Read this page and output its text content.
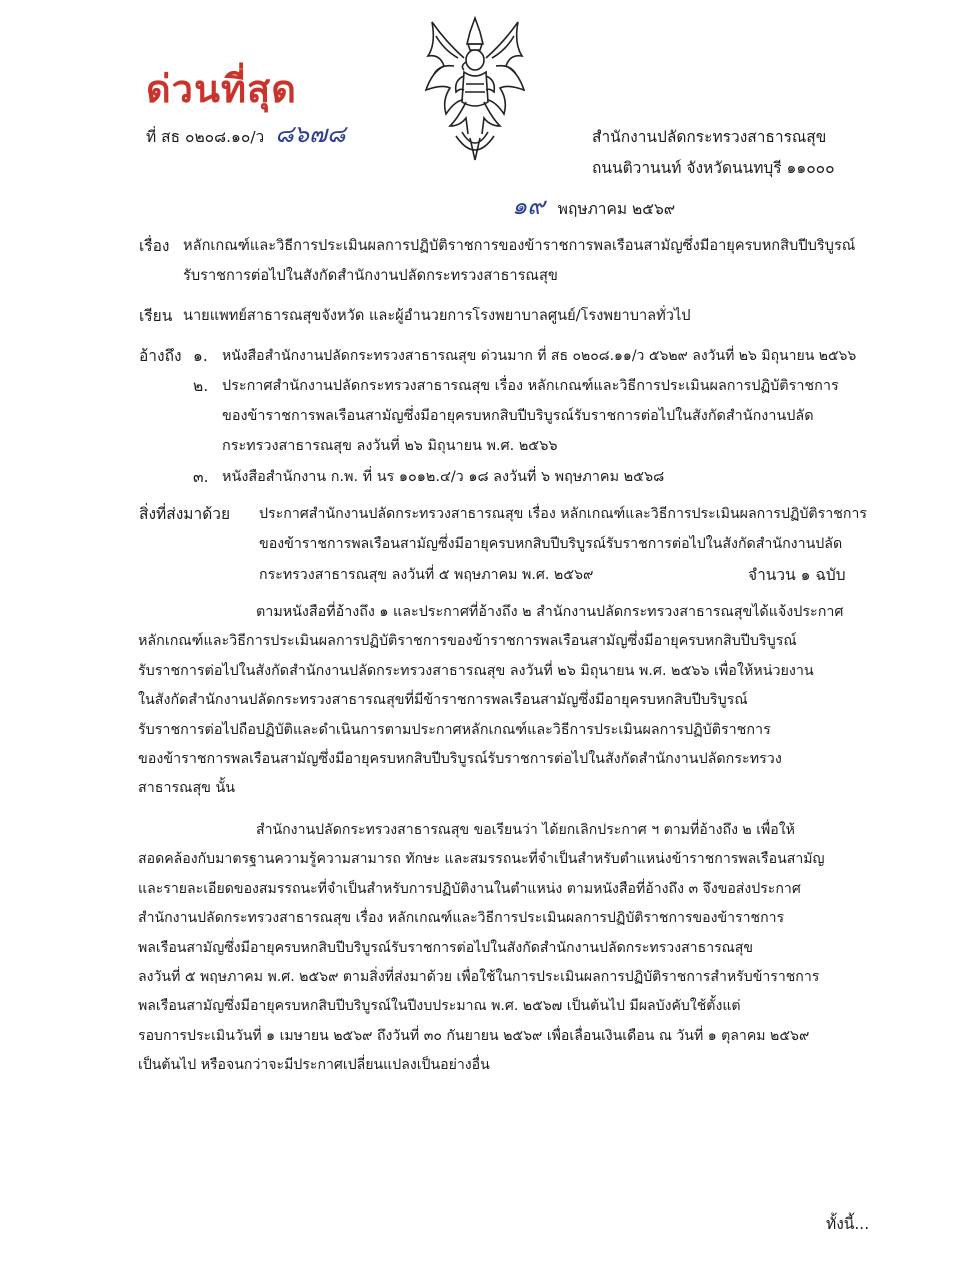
ด่วนที่สุด
ที่ สธ ๐๒๐๘.๑๐/ว ๘๖๗๘	สำนักงานปลัดกระทรวงสาธารณสุข
ถนนติวานนท์ จังหวัดนนทบุรี ๑๑๐๐๐
๑๙ พฤษภาคม ๒๕๖๙
เรื่อง หลักเกณฑ์และวิธีการประเมินผลการปฏิบัติราชการของข้าราชการพลเรือนสามัญซึ่งมีอายุครบหกสิบปีบริบูรณ์
รับราชการต่อไปในสังกัดสำนักงานปลัดกระทรวงสาธารณสุข
เรียน นายแพทย์สาธารณสุขจังหวัด และผู้อำนวยการโรงพยาบาลศูนย์/โรงพยาบาลทั่วไป
อ้างถึง ๑. หนังสือสำนักงานปลัดกระทรวงสาธารณสุข ด่วนมาก ที่ สธ ๐๒๐๘.๑๑/ว ๕๖๒๙ ลงวันที่ ๒๖ มิถุนายน ๒๕๖๖
๒. ประกาศสำนักงานปลัดกระทรวงสาธารณสุข เรื่อง หลักเกณฑ์และวิธีการประเมินผลการปฏิบัติราชการ
ของข้าราชการพลเรือนสามัญซึ่งมีอายุครบหกสิบปีบริบูรณ์รับราชการต่อไปในสังกัดสำนักงานปลัด
กระทรวงสาธารณสุข ลงวันที่ ๒๖ มิถุนายน พ.ศ. ๒๕๖๖
๓. หนังสือสำนักงาน ก.พ. ที่ นร ๑๐๑๒.๔/ว ๑๘ ลงวันที่ ๖ พฤษภาคม ๒๕๖๘
สิ่งที่ส่งมาด้วย ประกาศสำนักงานปลัดกระทรวงสาธารณสุข เรื่อง หลักเกณฑ์และวิธีการประเมินผลการปฏิบัติราชการ
ของข้าราชการพลเรือนสามัญซึ่งมีอายุครบหกสิบปีบริบูรณ์รับราชการต่อไปในสังกัดสำนักงานปลัด
กระทรวงสาธารณสุข ลงวันที่ ๕ พฤษภาคม พ.ศ. ๒๕๖๙	จำนวน ๑ ฉบับ
ตามหนังสือที่อ้างถึง ๑ และประกาศที่อ้างถึง ๒ สำนักงานปลัดกระทรวงสาธารณสุขได้แจ้งประกาศ
หลักเกณฑ์และวิธีการประเมินผลการปฏิบัติราชการของข้าราชการพลเรือนสามัญซึ่งมีอายุครบหกสิบปีบริบูรณ์
รับราชการต่อไปในสังกัดสำนักงานปลัดกระทรวงสาธารณสุข ลงวันที่ ๒๖ มิถุนายน พ.ศ. ๒๕๖๖ เพื่อให้หน่วยงาน
ในสังกัดสำนักงานปลัดกระทรวงสาธารณสุขที่มีข้าราชการพลเรือนสามัญซึ่งมีอายุครบหกสิบปีบริบูรณ์
รับราชการต่อไปถือปฏิบัติและดำเนินการตามประกาศหลักเกณฑ์และวิธีการประเมินผลการปฏิบัติราชการ
ของข้าราชการพลเรือนสามัญซึ่งมีอายุครบหกสิบปีบริบูรณ์รับราชการต่อไปในสังกัดสำนักงานปลัดกระทรวง
สาธารณสุข นั้น
สำนักงานปลัดกระทรวงสาธารณสุข ขอเรียนว่า ได้ยกเลิกประกาศ ฯ ตามที่อ้างถึง ๒ เพื่อให้
สอดคล้องกับมาตรฐานความรู้ความสามารถ ทักษะ และสมรรถนะที่จำเป็นสำหรับตำแหน่งข้าราชการพลเรือนสามัญ
และรายละเอียดของสมรรถนะที่จำเป็นสำหรับการปฏิบัติงานในตำแหน่ง ตามหนังสือที่อ้างถึง ๓ จึงขอส่งประกาศ
สำนักงานปลัดกระทรวงสาธารณสุข เรื่อง หลักเกณฑ์และวิธีการประเมินผลการปฏิบัติราชการของข้าราชการ
พลเรือนสามัญซึ่งมีอายุครบหกสิบปีบริบูรณ์รับราชการต่อไปในสังกัดสำนักงานปลัดกระทรวงสาธารณสุข
ลงวันที่ ๕ พฤษภาคม พ.ศ. ๒๕๖๙ ตามสิ่งที่ส่งมาด้วย เพื่อใช้ในการประเมินผลการปฏิบัติราชการสำหรับข้าราชการ
พลเรือนสามัญซึ่งมีอายุครบหกสิบปีบริบูรณ์ในปีงบประมาณ พ.ศ. ๒๕๖๗ เป็นต้นไป มีผลบังคับใช้ตั้งแต่
รอบการประเมินวันที่ ๑ เมษายน ๒๕๖๙ ถึงวันที่ ๓๐ กันยายน ๒๕๖๙ เพื่อเลื่อนเงินเดือน ณ วันที่ ๑ ตุลาคม ๒๕๖๙
เป็นต้นไป หรือจนกว่าจะมีประกาศเปลี่ยนแปลงเป็นอย่างอื่น
ทั้งนี้...
